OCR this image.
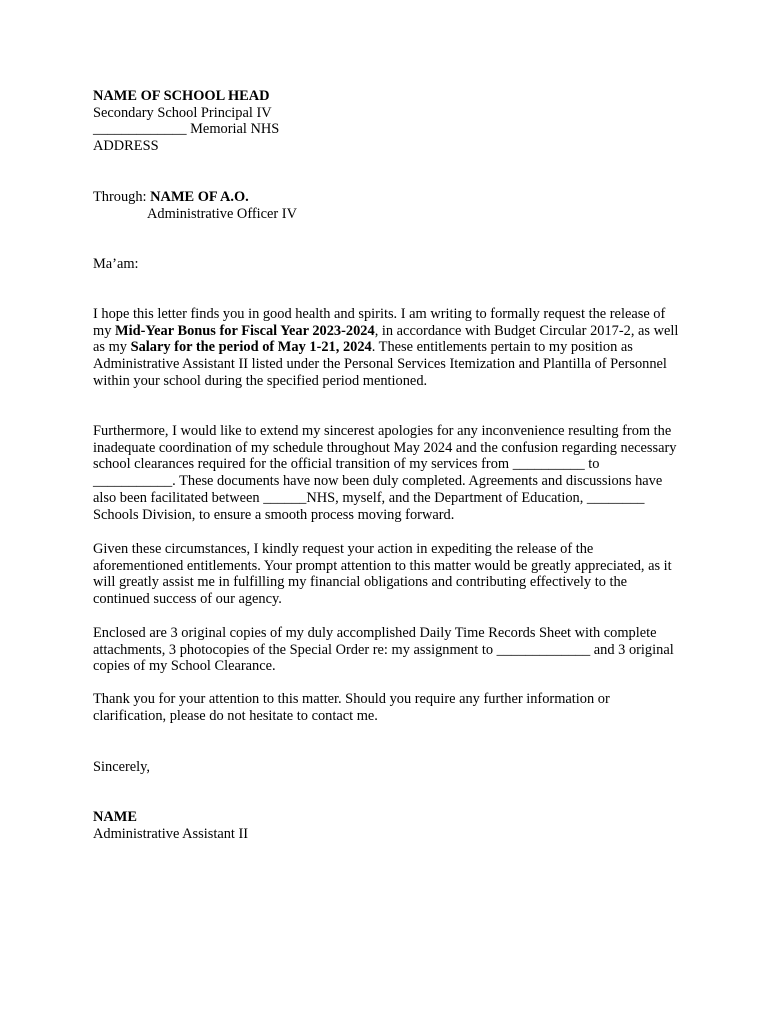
NAME OF SCHOOL HEAD
Secondary School Principal IV
_____________ Memorial NHS
ADDRESS
Through: NAME OF A.O.
Administrative Officer IV
Ma’am:

I hope this letter finds you in good health and spirits. I am writing to formally request the release of my Mid-Year Bonus for Fiscal Year 2023-2024, in accordance with Budget Circular 2017-2, as well as my Salary for the period of May 1-21, 2024. These entitlements pertain to my position as Administrative Assistant II listed under the Personal Services Itemization and Plantilla of Personnel within your school during the specified period mentioned.

Furthermore, I would like to extend my sincerest apologies for any inconvenience resulting from the inadequate coordination of my schedule throughout May 2024 and the confusion regarding necessary school clearances required for the official transition of my services from __________ to ___________. These documents have now been duly completed. Agreements and discussions have also been facilitated between ______NHS, myself, and the Department of Education, ________ Schools Division, to ensure a smooth process moving forward.

Given these circumstances, I kindly request your action in expediting the release of the aforementioned entitlements. Your prompt attention to this matter would be greatly appreciated, as it will greatly assist me in fulfilling my financial obligations and contributing effectively to the continued success of our agency.

Enclosed are 3 original copies of my duly accomplished Daily Time Records Sheet with complete attachments, 3 photocopies of the Special Order re: my assignment to _____________ and 3 original copies of my School Clearance.

Thank you for your attention to this matter. Should you require any further information or clarification, please do not hesitate to contact me.

Sincerely,
NAME
Administrative Assistant II
